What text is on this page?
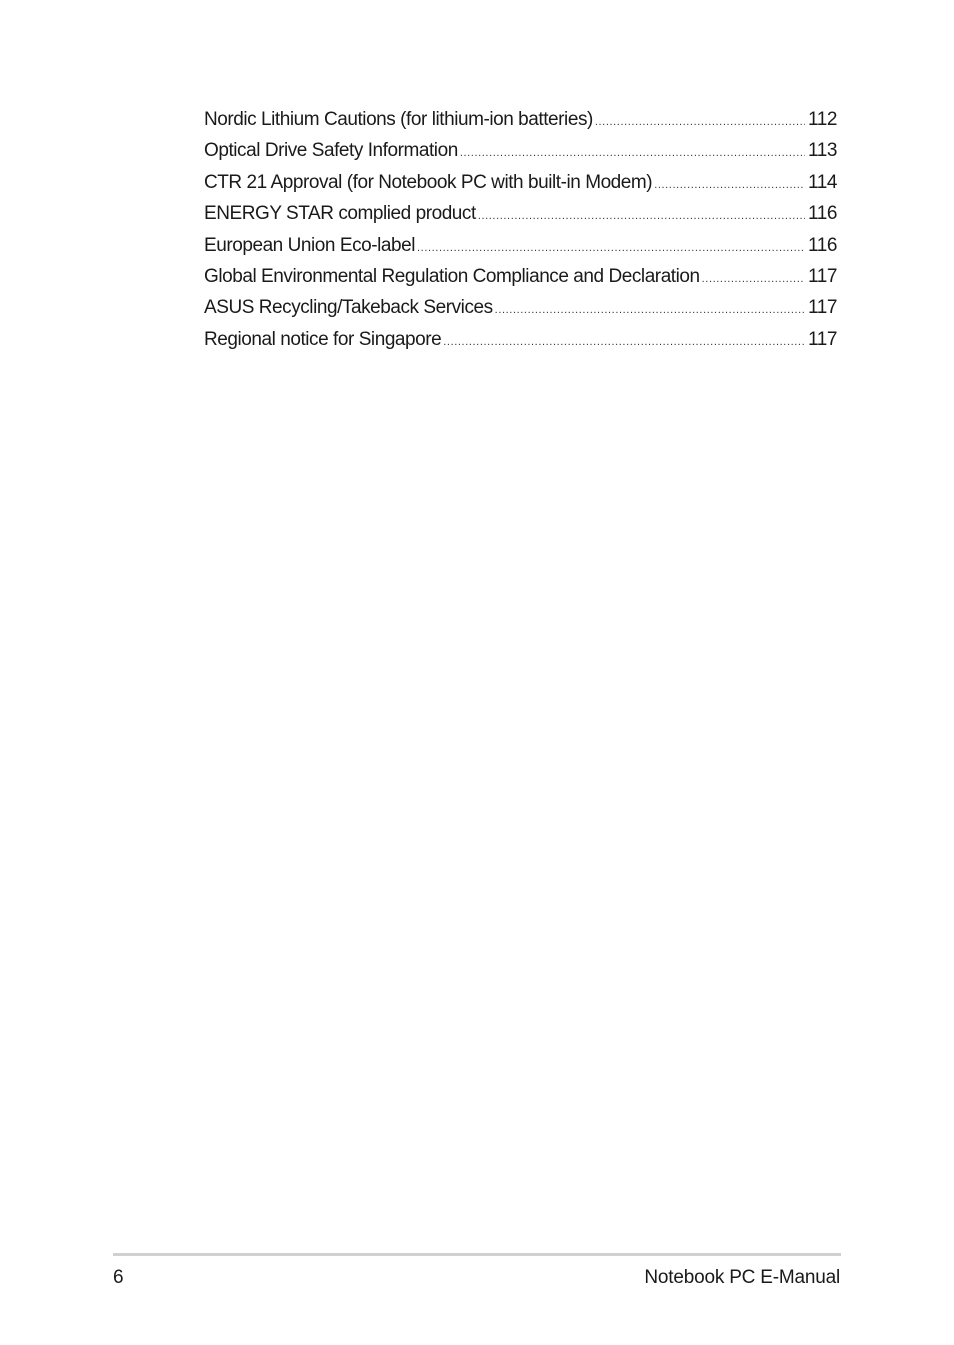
Nordic Lithium Cautions (for lithium-ion batteries) .....	112
Optical Drive Safety Information .....	113
CTR 21 Approval (for Notebook PC with built-in Modem) .....	114
ENERGY STAR complied product .....	116
European Union Eco-label .....	116
Global Environmental Regulation Compliance and Declaration .....	117
ASUS Recycling/Takeback Services .....	117
Regional notice for Singapore .....	117
6	Notebook PC E-Manual
